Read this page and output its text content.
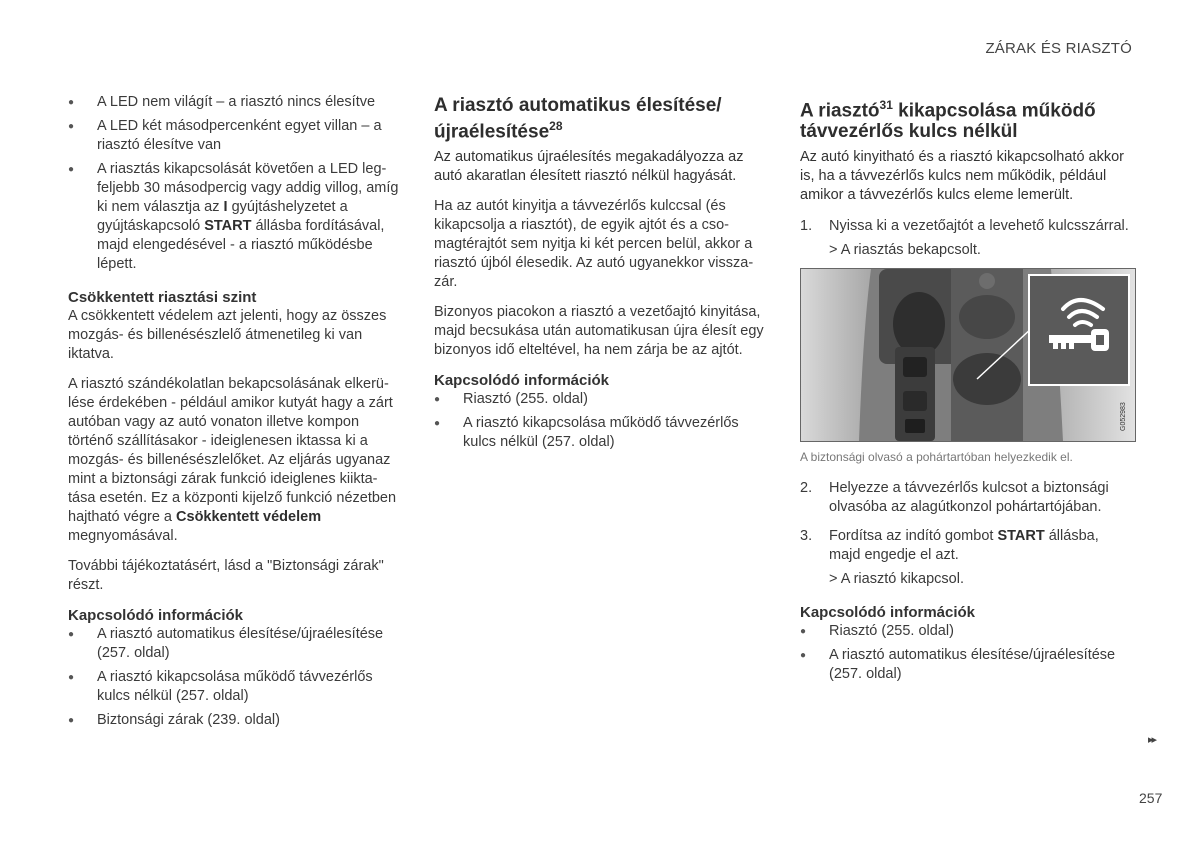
ZÁRAK ÉS RIASZTÓ
● A LED nem világít – a riasztó nincs élesítve
● A LED két másodpercenként egyet villan – a riasztó élesítve van
● A riasztás kikapcsolását követően a LED legfeljebb 30 másodpercig vagy addig villog, amíg ki nem választja az I gyújtáshelyzetet a gyújtáskapcsoló START állásba fordításával, majd elengedésével - a riasztó működésbe lépett.
Csökkentett riasztási szint

A csökkentett védelem azt jelenti, hogy az összes mozgás- és billenésészlelő átmenetileg ki van iktatva.

A riasztó szándékolatlan bekapcsolásának elkerülése érdekében - például amikor kutyát hagy a zárt autóban vagy az autó vonaton illetve kompon történő szállításakor - ideiglenesen iktassa ki a mozgás- és billenésészlelőket. Az eljárás ugyanaz mint a biztonsági zárak funkció ideiglenes kiiktatása esetén. Ez a központi kijelző funkció nézetben hajtható végre a Csökkentett védelem megnyomásával.

További tájékoztatásért, lásd a "Biztonsági zárak" részt.

Kapcsolódó információk
● A riasztó automatikus élesítése/újraélesítése (257. oldal)
● A riasztó kikapcsolása működő távvezérlős kulcs nélkül (257. oldal)
● Biztonsági zárak (239. oldal)
A riasztó automatikus élesítése/ újraélesítése$^{28}$

Az automatikus újraélesítés megakadályozza az autó akaratlan élesített riasztó nélkül hagyását.

Ha az autót kinyitja a távvezérlős kulccsal (és kikapcsolja a riasztót), de egyik ajtót és a csomagtérajtót sem nyitja ki két percen belül, akkor a riasztó újból élesedik. Az autó ugyanekkor visszazár.

Bizonyos piacokon a riasztó a vezetőajtó kinyitása, majd becsukása után automatikusan újra élesít egy bizonyos idő elteltével, ha nem zárja be az ajtót.

Kapcsolódó információk
● Riasztó (255. oldal)
● A riasztó kikapcsolása működő távvezérlős kulcs nélkül (257. oldal)
A riasztó$^{31}$ kikapcsolása működő távvezérlős kulcs nélkül

Az autó kinyitható és a riasztó kikapcsolható akkor is, ha a távvezérlős kulcs nem működik, például amikor a távvezérlős kulcs eleme lemerült.

1. Nyissa ki a vezetőajtót a levehető kulcsszárral.
> A riasztás bekapcsolt.
G052983
A biztonsági olvasó a pohártartóban helyezkedik el.
2. Helyezze a távvezérlős kulcsot a biztonsági olvasóba az alagútkonzol pohártartójában.
3. Fordítsa az indító gombot START állásba, majd engedje el azt.
> A riasztó kikapcsol.
Kapcsolódó információk
● Riasztó (255. oldal)
● A riasztó automatikus élesítése/újraélesítése (257. oldal)
▸▸
257
